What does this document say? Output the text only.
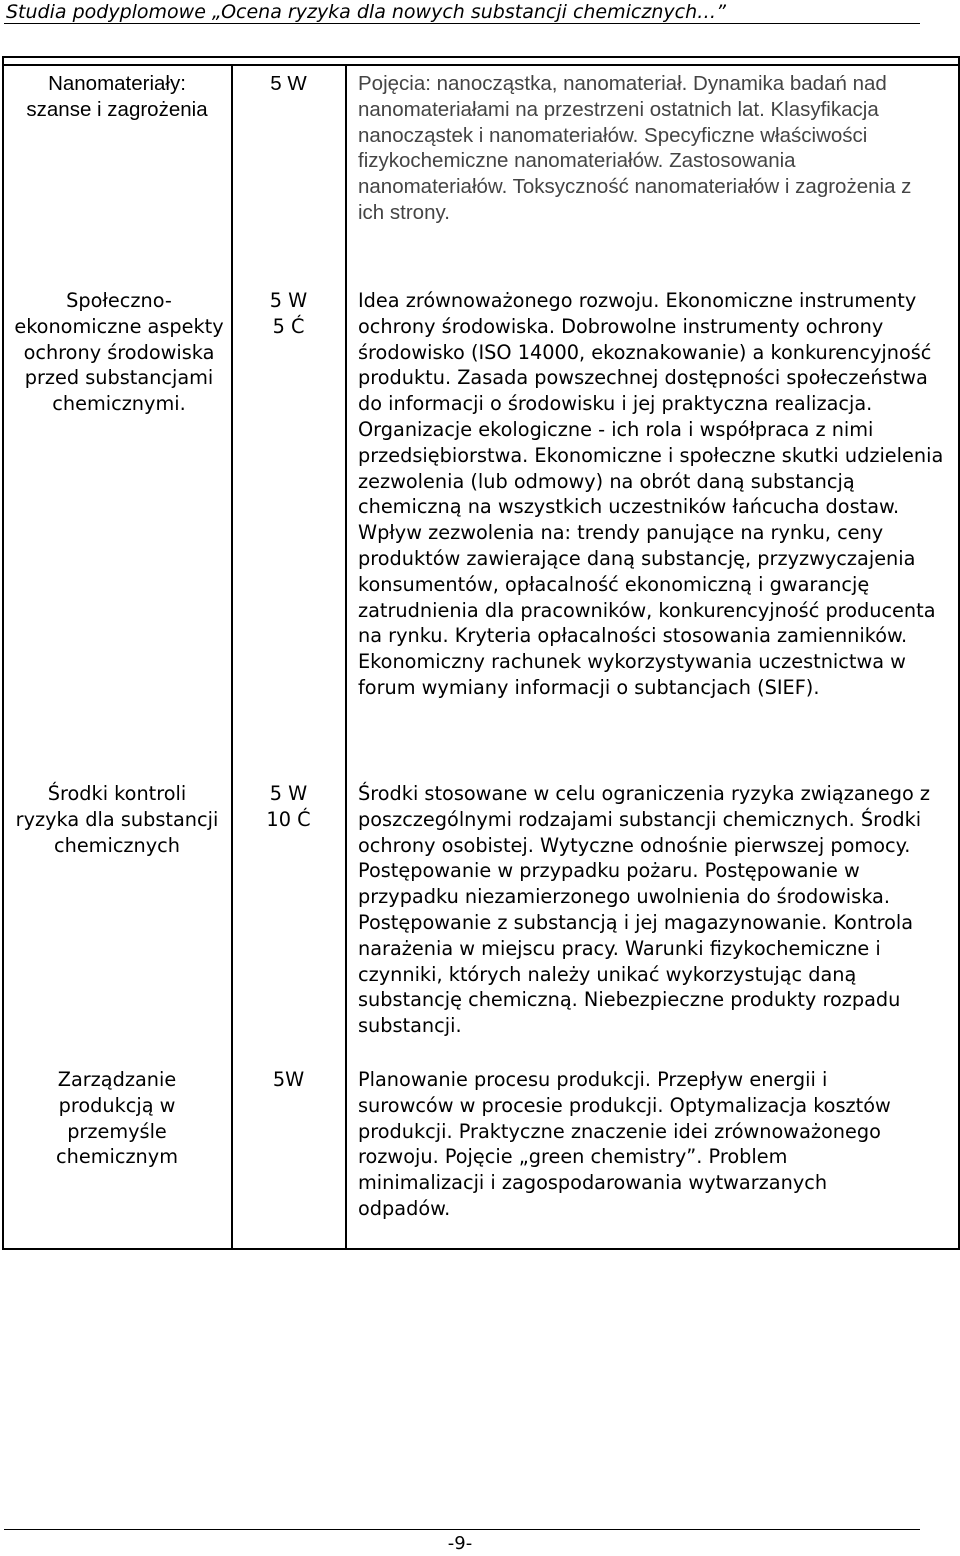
Studia podyplomowe „Ocena ryzyka dla nowych substancji chemicznych…”
Nanomateriały: szanse i zagrożenia
5 W	Pojęcia: nanocząstka, nanomateriał. Dynamika badań nad nanomateriałami na przestrzeni ostatnich lat. Klasyfikacja nanocząstek i nanomateriałów. Specyficzne właściwości fizykochemiczne nanomateriałów. Zastosowania nanomateriałów. Toksyczność nanomateriałów i zagrożenia z ich strony.
Społeczno-ekonomiczne aspekty ochrony środowiska przed substancjami chemicznymi.
5 W
5 Ć
Idea zrównoważonego rozwoju. Ekonomiczne instrumenty ochrony środowiska. Dobrowolne instrumenty ochrony środowisko (ISO 14000, ekoznakowanie) a konkurencyjność produktu. Zasada powszechnej dostępności społeczeństwa do informacji o środowisku i jej praktyczna realizacja. Organizacje ekologiczne - ich rola i współpraca z nimi przedsiębiorstwa. Ekonomiczne i społeczne skutki udzielenia zezwolenia (lub odmowy) na obrót daną substancją chemiczną na wszystkich uczestników łańcucha dostaw. Wpływ zezwolenia na: trendy panujące na rynku, ceny produktów zawierające daną substancję, przyzwyczajenia konsumentów, opłacalność ekonomiczną i gwarancję zatrudnienia dla pracowników, konkurencyjność producenta na rynku. Kryteria opłacalności stosowania zamienników. Ekonomiczny rachunek wykorzystywania uczestnictwa w forum wymiany informacji o subtancjach (SIEF).
Środki kontroli ryzyka dla substancji chemicznych
5 W
10 Ć
Środki stosowane w celu ograniczenia ryzyka związanego z poszczególnymi rodzajami substancji chemicznych. Środki ochrony osobistej. Wytyczne odnośnie pierwszej pomocy. Postępowanie w przypadku pożaru. Postępowanie w przypadku niezamierzonego uwolnienia do środowiska. Postępowanie z substancją i jej magazynowanie. Kontrola narażenia w miejscu pracy. Warunki fizykochemiczne i czynniki, których należy unikać wykorzystując daną substancję chemiczną. Niebezpieczne produkty rozpadu substancji.
Zarządzanie produkcją w przemyśle chemicznym
5W	Planowanie procesu produkcji. Przepływ energii i surowców w procesie produkcji. Optymalizacja kosztów produkcji. Praktyczne znaczenie idei zrównoważonego rozwoju. Pojęcie „green chemistry”. Problem minimalizacji i zagospodarowania wytwarzanych odpadów.
-9-
